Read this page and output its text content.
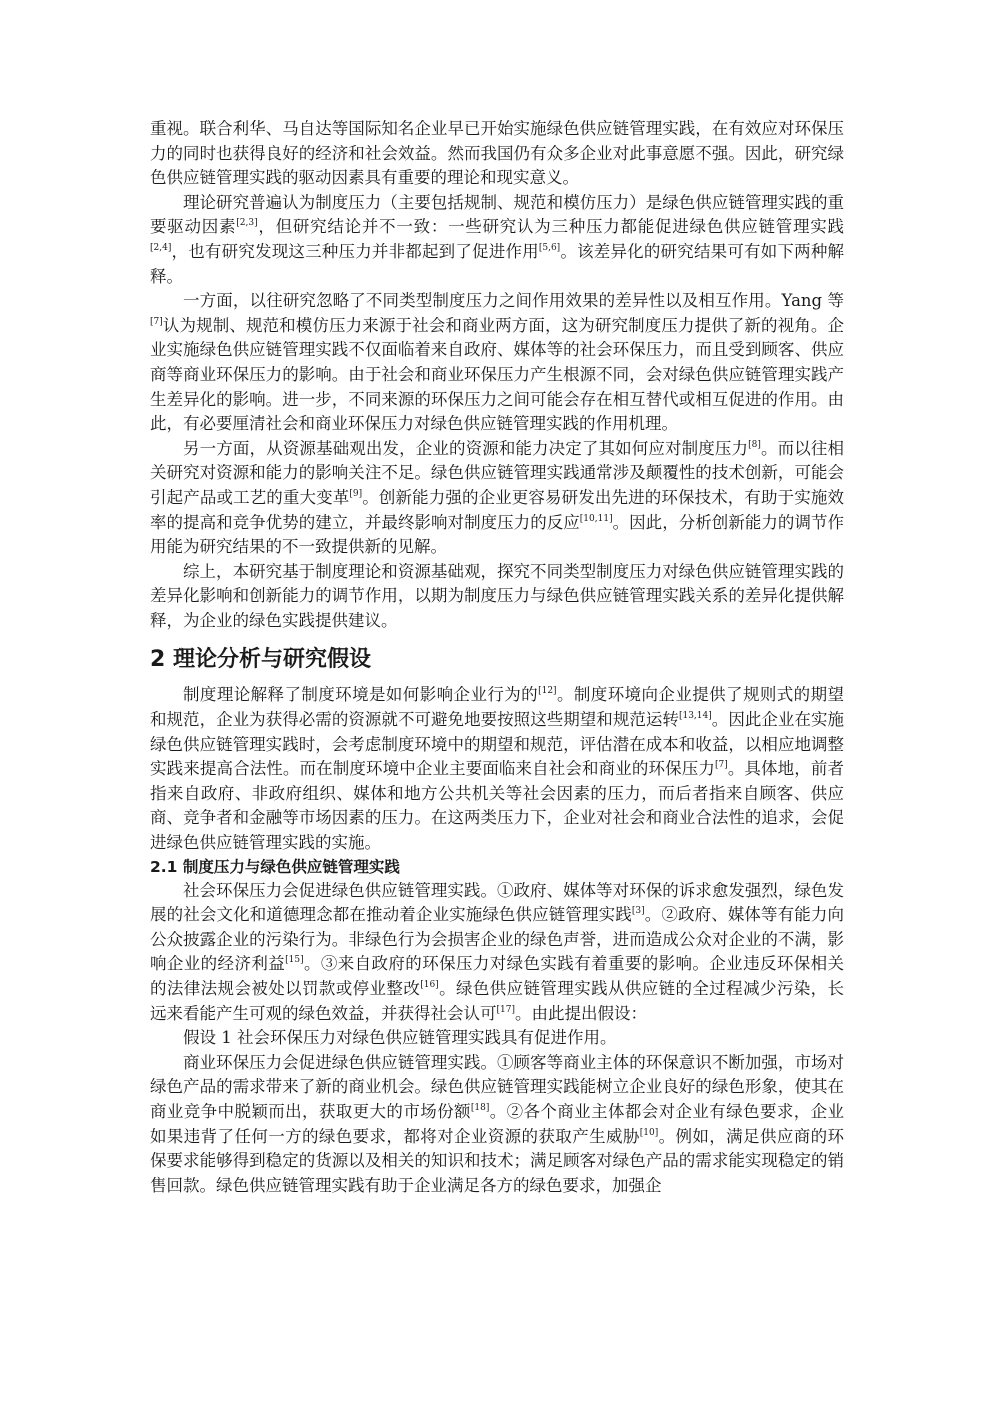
重视。联合利华、马自达等国际知名企业早已开始实施绿色供应链管理实践，在有效应对环保压力的同时也获得良好的经济和社会效益。然而我国仍有众多企业对此事意愿不强。因此，研究绿色供应链管理实践的驱动因素具有重要的理论和现实意义。

理论研究普遍认为制度压力（主要包括规制、规范和模仿压力）是绿色供应链管理实践的重要驱动因素[2,3]，但研究结论并不一致：一些研究认为三种压力都能促进绿色供应链管理实践[2,4]，也有研究发现这三种压力并非都起到了促进作用[5,6]。该差异化的研究结果可有如下两种解释。

一方面，以往研究忽略了不同类型制度压力之间作用效果的差异性以及相互作用。Yang 等[7]认为规制、规范和模仿压力来源于社会和商业两方面，这为研究制度压力提供了新的视角。企业实施绿色供应链管理实践不仅面临着来自政府、媒体等的社会环保压力，而且受到顾客、供应商等商业环保压力的影响。由于社会和商业环保压力产生根源不同，会对绿色供应链管理实践产生差异化的影响。进一步，不同来源的环保压力之间可能会存在相互替代或相互促进的作用。由此，有必要厘清社会和商业环保压力对绿色供应链管理实践的作用机理。

另一方面，从资源基础观出发，企业的资源和能力决定了其如何应对制度压力[8]。而以往相关研究对资源和能力的影响关注不足。绿色供应链管理实践通常涉及颠覆性的技术创新，可能会引起产品或工艺的重大变革[9]。创新能力强的企业更容易研发出先进的环保技术，有助于实施效率的提高和竞争优势的建立，并最终影响对制度压力的反应[10,11]。因此，分析创新能力的调节作用能为研究结果的不一致提供新的见解。

综上，本研究基于制度理论和资源基础观，探究不同类型制度压力对绿色供应链管理实践的差异化影响和创新能力的调节作用，以期为制度压力与绿色供应链管理实践关系的差异化提供解释，为企业的绿色实践提供建议。

2 理论分析与研究假设

制度理论解释了制度环境是如何影响企业行为的[12]。制度环境向企业提供了规则式的期望和规范，企业为获得必需的资源就不可避免地要按照这些期望和规范运转[13,14]。因此企业在实施绿色供应链管理实践时，会考虑制度环境中的期望和规范，评估潜在成本和收益，以相应地调整实践来提高合法性。而在制度环境中企业主要面临来自社会和商业的环保压力[7]。具体地，前者指来自政府、非政府组织、媒体和地方公共机关等社会因素的压力，而后者指来自顾客、供应商、竞争者和金融等市场因素的压力。在这两类压力下，企业对社会和商业合法性的追求，会促进绿色供应链管理实践的实施。

2.1 制度压力与绿色供应链管理实践

社会环保压力会促进绿色供应链管理实践。①政府、媒体等对环保的诉求愈发强烈，绿色发展的社会文化和道德理念都在推动着企业实施绿色供应链管理实践[3]。②政府、媒体等有能力向公众披露企业的污染行为。非绿色行为会损害企业的绿色声誉，进而造成公众对企业的不满，影响企业的经济利益[15]。③来自政府的环保压力对绿色实践有着重要的影响。企业违反环保相关的法律法规会被处以罚款或停业整改[16]。绿色供应链管理实践从供应链的全过程减少污染，长远来看能产生可观的绿色效益，并获得社会认可[17]。由此提出假设：

假设 1 社会环保压力对绿色供应链管理实践具有促进作用。

商业环保压力会促进绿色供应链管理实践。①顾客等商业主体的环保意识不断加强，市场对绿色产品的需求带来了新的商业机会。绿色供应链管理实践能树立企业良好的绿色形象，使其在商业竞争中脱颖而出，获取更大的市场份额[18]。②各个商业主体都会对企业有绿色要求，企业如果违背了任何一方的绿色要求，都将对企业资源的获取产生威胁[10]。例如，满足供应商的环保要求能够得到稳定的货源以及相关的知识和技术；满足顾客对绿色产品的需求能实现稳定的销售回款。绿色供应链管理实践有助于企业满足各方的绿色要求，加强企
